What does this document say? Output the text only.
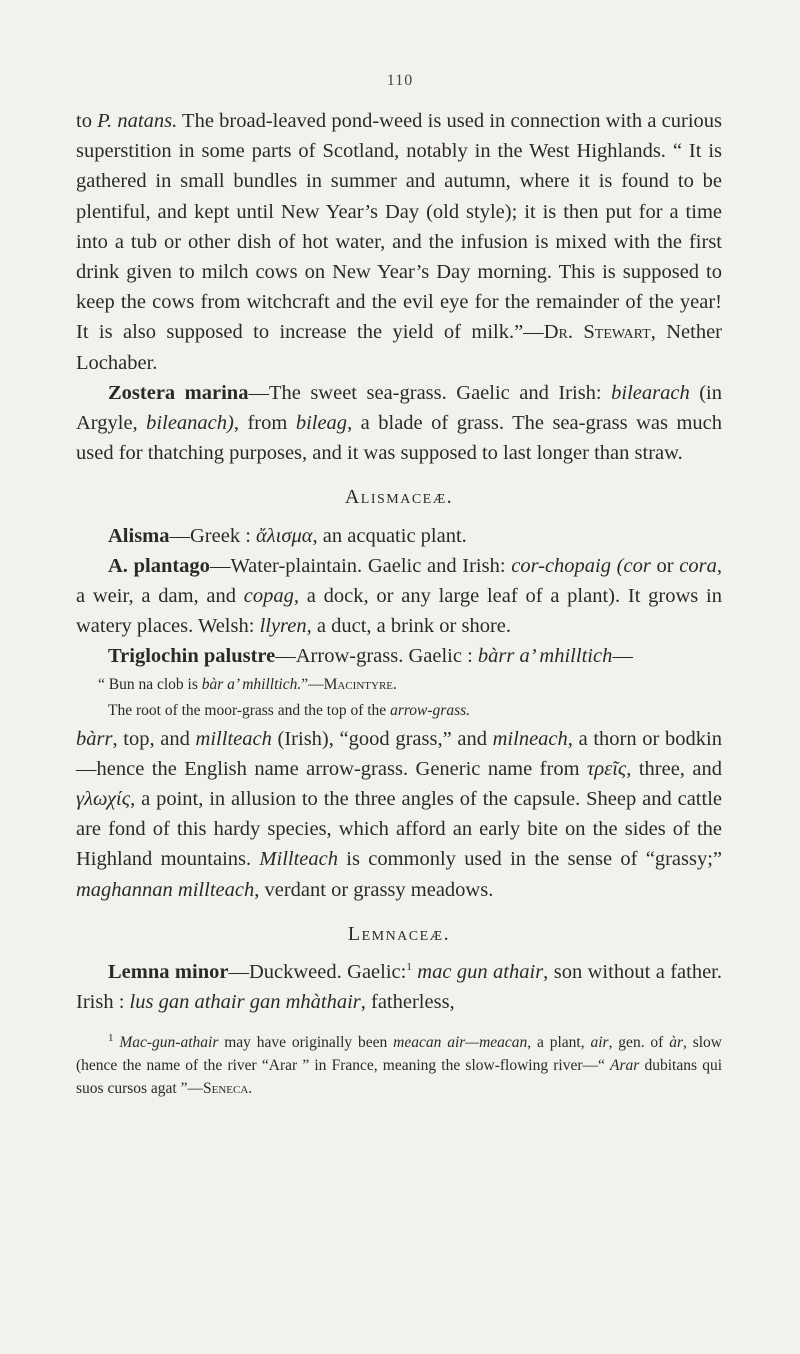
110

to P. natans. The broad-leaved pond-weed is used in connection with a curious superstition in some parts of Scotland, notably in the West Highlands. “ It is gathered in small bundles in summer and autumn, where it is found to be plentiful, and kept until New Year’s Day (old style); it is then put for a time into a tub or other dish of hot water, and the infusion is mixed with the first drink given to milch cows on New Year’s Day morning. This is supposed to keep the cows from witchcraft and the evil eye for the remainder of the year! It is also supposed to increase the yield of milk.”—Dr. Stewart, Nether Lochaber.

Zostera marina—The sweet sea-grass. Gaelic and Irish: bilearach (in Argyle, bileanach), from bileag, a blade of grass. The sea-grass was much used for thatching purposes, and it was supposed to last longer than straw.

Alismaceæ.

Alisma—Greek : ἄλισμα, an acquatic plant.

A. plantago—Water-plaintain. Gaelic and Irish: cor-chopaig (cor or cora, a weir, a dam, and copag, a dock, or any large leaf of a plant). It grows in watery places. Welsh: llyren, a duct, a brink or shore.

Triglochin palustre—Arrow-grass. Gaelic : bàrr a’ mhilltich—

“ Bun na clob is bàr a’ mhilltich.”—Macintyre.

The root of the moor-grass and the top of the arrow-grass.

bàrr, top, and millteach (Irish), “good grass,” and milneach, a thorn or bodkin—hence the English name arrow-grass. Generic name from τρεῖς, three, and γλωχίς, a point, in allusion to the three angles of the capsule. Sheep and cattle are fond of this hardy species, which afford an early bite on the sides of the Highland mountains. Millteach is commonly used in the sense of “grassy;” maghannan millteach, verdant or grassy meadows.

Lemnaceæ.

Lemna minor—Duckweed. Gaelic:$^1$ mac gun athair, son without a father. Irish : lus gan athair gan mhàthair, fatherless,

$^1$ Mac-gun-athair may have originally been meacan air—meacan, a plant, air, gen. of àr, slow (hence the name of the river “Arar ” in France, meaning the slow-flowing river—“ Arar dubitans qui suos cursos agat ”—Seneca.
